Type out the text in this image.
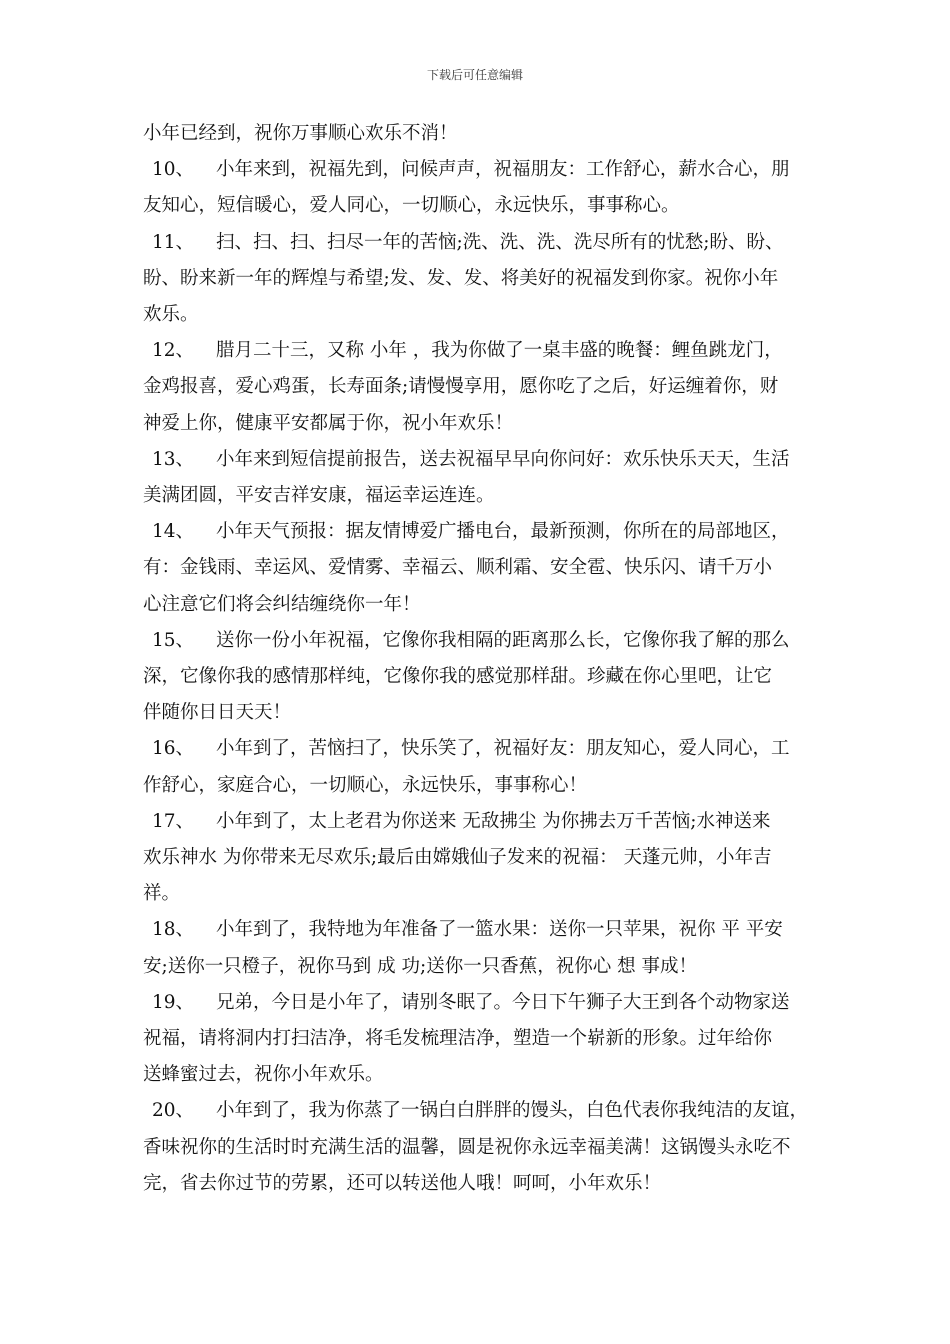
下载后可任意编辑
小年已经到，祝你万事顺心欢乐不消！
10、 小年来到，祝福先到，问候声声，祝福朋友：工作舒心，薪水合心，朋
友知心，短信暖心，爱人同心，一切顺心，永远快乐，事事称心。
11、 扫、扫、扫、扫尽一年的苦恼;洗、洗、洗、洗尽所有的忧愁;盼、盼、
盼、盼来新一年的辉煌与希望;发、发、发、将美好的祝福发到你家。祝你小年
欢乐。
12、 腊月二十三，又称 小年 ，我为你做了一桌丰盛的晚餐：鲤鱼跳龙门，
金鸡报喜，爱心鸡蛋，长寿面条;请慢慢享用，愿你吃了之后，好运缠着你，财
神爱上你，健康平安都属于你，祝小年欢乐！
13、 小年来到短信提前报告，送去祝福早早向你问好：欢乐快乐天天，生活
美满团圆，平安吉祥安康，福运幸运连连。
14、 小年天气预报：据友情博爱广播电台，最新预测，你所在的局部地区，
有：金钱雨、幸运风、爱情雾、幸福云、顺利霜、安全雹、快乐闪、请千万小
心注意它们将会纠结缠绕你一年！
15、 送你一份小年祝福，它像你我相隔的距离那么长，它像你我了解的那么
深，它像你我的感情那样纯，它像你我的感觉那样甜。珍藏在你心里吧，让它
伴随你日日天天！
16、 小年到了，苦恼扫了，快乐笑了，祝福好友：朋友知心，爱人同心，工
作舒心，家庭合心，一切顺心，永远快乐，事事称心！
17、 小年到了，太上老君为你送来 无敌拂尘 为你拂去万千苦恼;水神送来
欢乐神水 为你带来无尽欢乐;最后由嫦娥仙子发来的祝福： 天蓬元帅，小年吉
祥。
18、 小年到了，我特地为年准备了一篮水果：送你一只苹果，祝你 平 平安
安;送你一只橙子，祝你马到 成 功;送你一只香蕉，祝你心 想 事成！
19、 兄弟，今日是小年了，请别冬眠了。今日下午狮子大王到各个动物家送
祝福，请将洞内打扫洁净，将毛发梳理洁净，塑造一个崭新的形象。过年给你
送蜂蜜过去，祝你小年欢乐。
20、 小年到了，我为你蒸了一锅白白胖胖的馒头，白色代表你我纯洁的友谊，
香味祝你的生活时时充满生活的温馨，圆是祝你永远幸福美满！这锅馒头永吃不
完，省去你过节的劳累，还可以转送他人哦！呵呵，小年欢乐！
